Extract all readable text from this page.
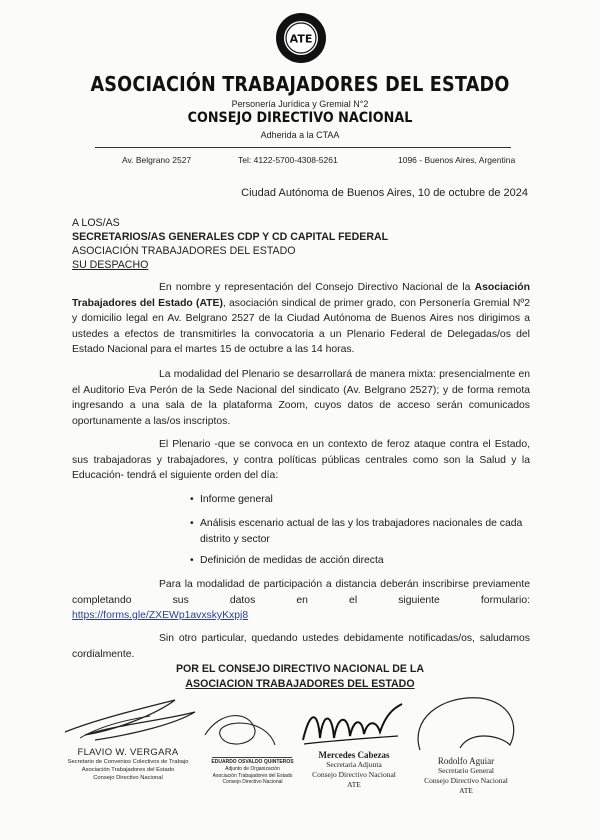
ATE
ASOCIACIÓN TRABAJADORES DEL ESTADO
Personería Jurídica y Gremial N°2
CONSEJO DIRECTIVO NACIONAL
Adherida a la CTAA
Av. Belgrano 2527	Tel: 4122-5700-4308-5261	1096 - Buenos Aires, Argentina
Ciudad Autónoma de Buenos Aires, 10 de octubre de 2024
A LOS/AS
SECRETARIOS/AS GENERALES CDP Y CD CAPITAL FEDERAL
ASOCIACIÓN TRABAJADORES DEL ESTADO
SU DESPACHO
En nombre y representación del Consejo Directivo Nacional de la Asociación Trabajadores del Estado (ATE), asociación sindical de primer grado, con Personería Gremial Nº2 y domicilio legal en Av. Belgrano 2527 de la Ciudad Autónoma de Buenos Aires nos dirigimos a ustedes a efectos de transmitirles la convocatoria a un Plenario Federal de Delegadas/os del Estado Nacional para el martes 15 de octubre a las 14 horas.
La modalidad del Plenario se desarrollará de manera mixta: presencialmente en el Auditorio Eva Perón de la Sede Nacional del sindicato (Av. Belgrano 2527); y de forma remota ingresando a una sala de la plataforma Zoom, cuyos datos de acceso serán comunicados oportunamente a las/os inscriptos.
El Plenario -que se convoca en un contexto de feroz ataque contra el Estado, sus trabajadoras y trabajadores, y contra políticas públicas centrales como son la Salud y la Educación- tendrá el siguiente orden del día:
• Informe general
• Análisis escenario actual de las y los trabajadores nacionales de cada distrito y sector
• Definición de medidas de acción directa
Para la modalidad de participación a distancia deberán inscribirse previamente completando sus datos en el siguiente formulario:
https://forms.gle/ZXEWp1avxskyKxpj8
Sin otro particular, quedando ustedes debidamente notificadas/os, saludamos cordialmente.
POR EL CONSEJO DIRECTIVO NACIONAL DE LA
ASOCIACION TRABAJADORES DEL ESTADO
FLAVIO W. VERGARA
Secretario de Convenios Colectivos de Trabajo
Asociación Trabajadores del Estado
Consejo Directivo Nacional
EDUARDO OSVALDO QUINTEROS
Adjunto de Organización
Asociación Trabajadores del Estado
Consejo Directivo Nacional
Mercedes Cabezas
Secretaria Adjunta
Consejo Directivo Nacional
ATE
Rodolfo Aguiar
Secretario General
Consejo Directivo Nacional
ATE
